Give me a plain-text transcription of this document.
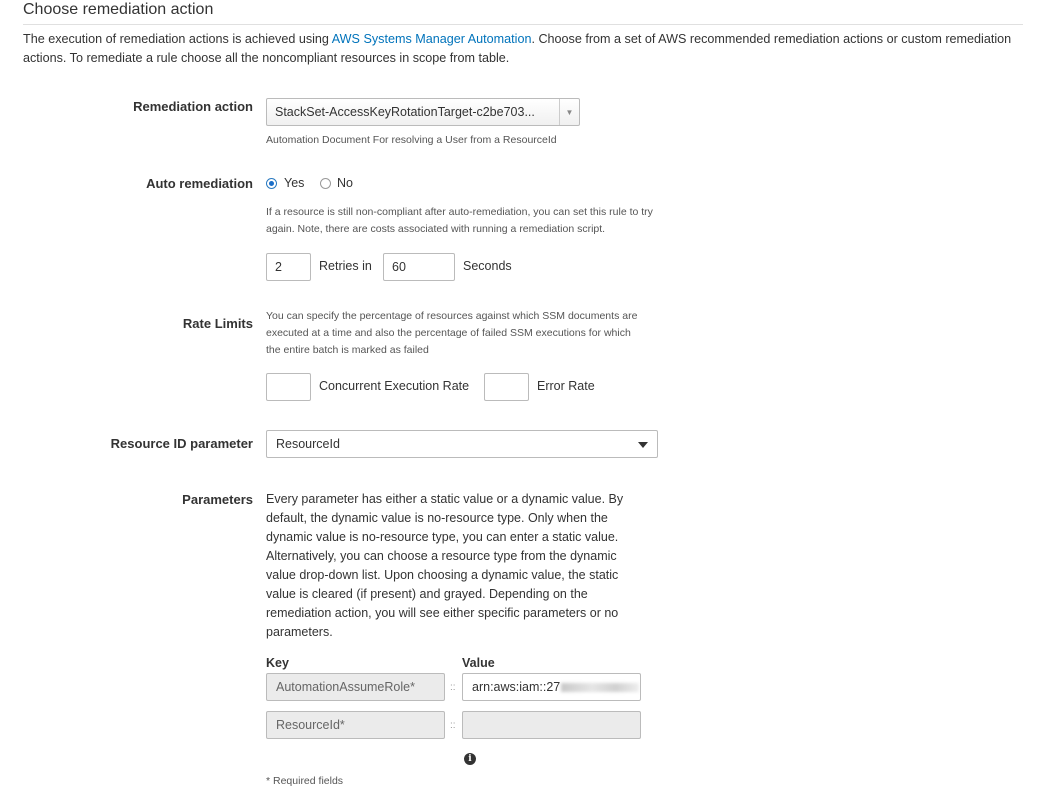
Choose remediation action
The execution of remediation actions is achieved using AWS Systems Manager Automation. Choose from a set of AWS recommended remediation actions or custom remediation actions. To remediate a rule choose all the noncompliant resources in scope from table.
Remediation action StackSet-AccessKeyRotationTarget-c2be703...	▼
Automation Document For resolving a User from a ResourceId
Auto remediation Yes	No
If a resource is still non-compliant after auto-remediation, you can set this rule to try again. Note, there are costs associated with running a remediation script.
2	Retries in	60	Seconds
Rate Limits You can specify the percentage of resources against which SSM documents are executed at a time and also the percentage of failed SSM executions for which the entire batch is marked as failed
Concurrent Execution Rate	Error Rate
Resource ID parameter ResourceId
Parameters Every parameter has either a static value or a dynamic value. By default, the dynamic value is no-resource type. Only when the dynamic value is no-resource type, you can enter a static value. Alternatively, you can choose a resource type from the dynamic value drop-down list. Upon choosing a dynamic value, the static value is cleared (if present) and grayed. Depending on the remediation action, you will see either specific parameters or no parameters.
Key	Value
AutomationAssumeRole*	::	arn:aws:iam::27
ResourceId*	::
i
* Required fields
